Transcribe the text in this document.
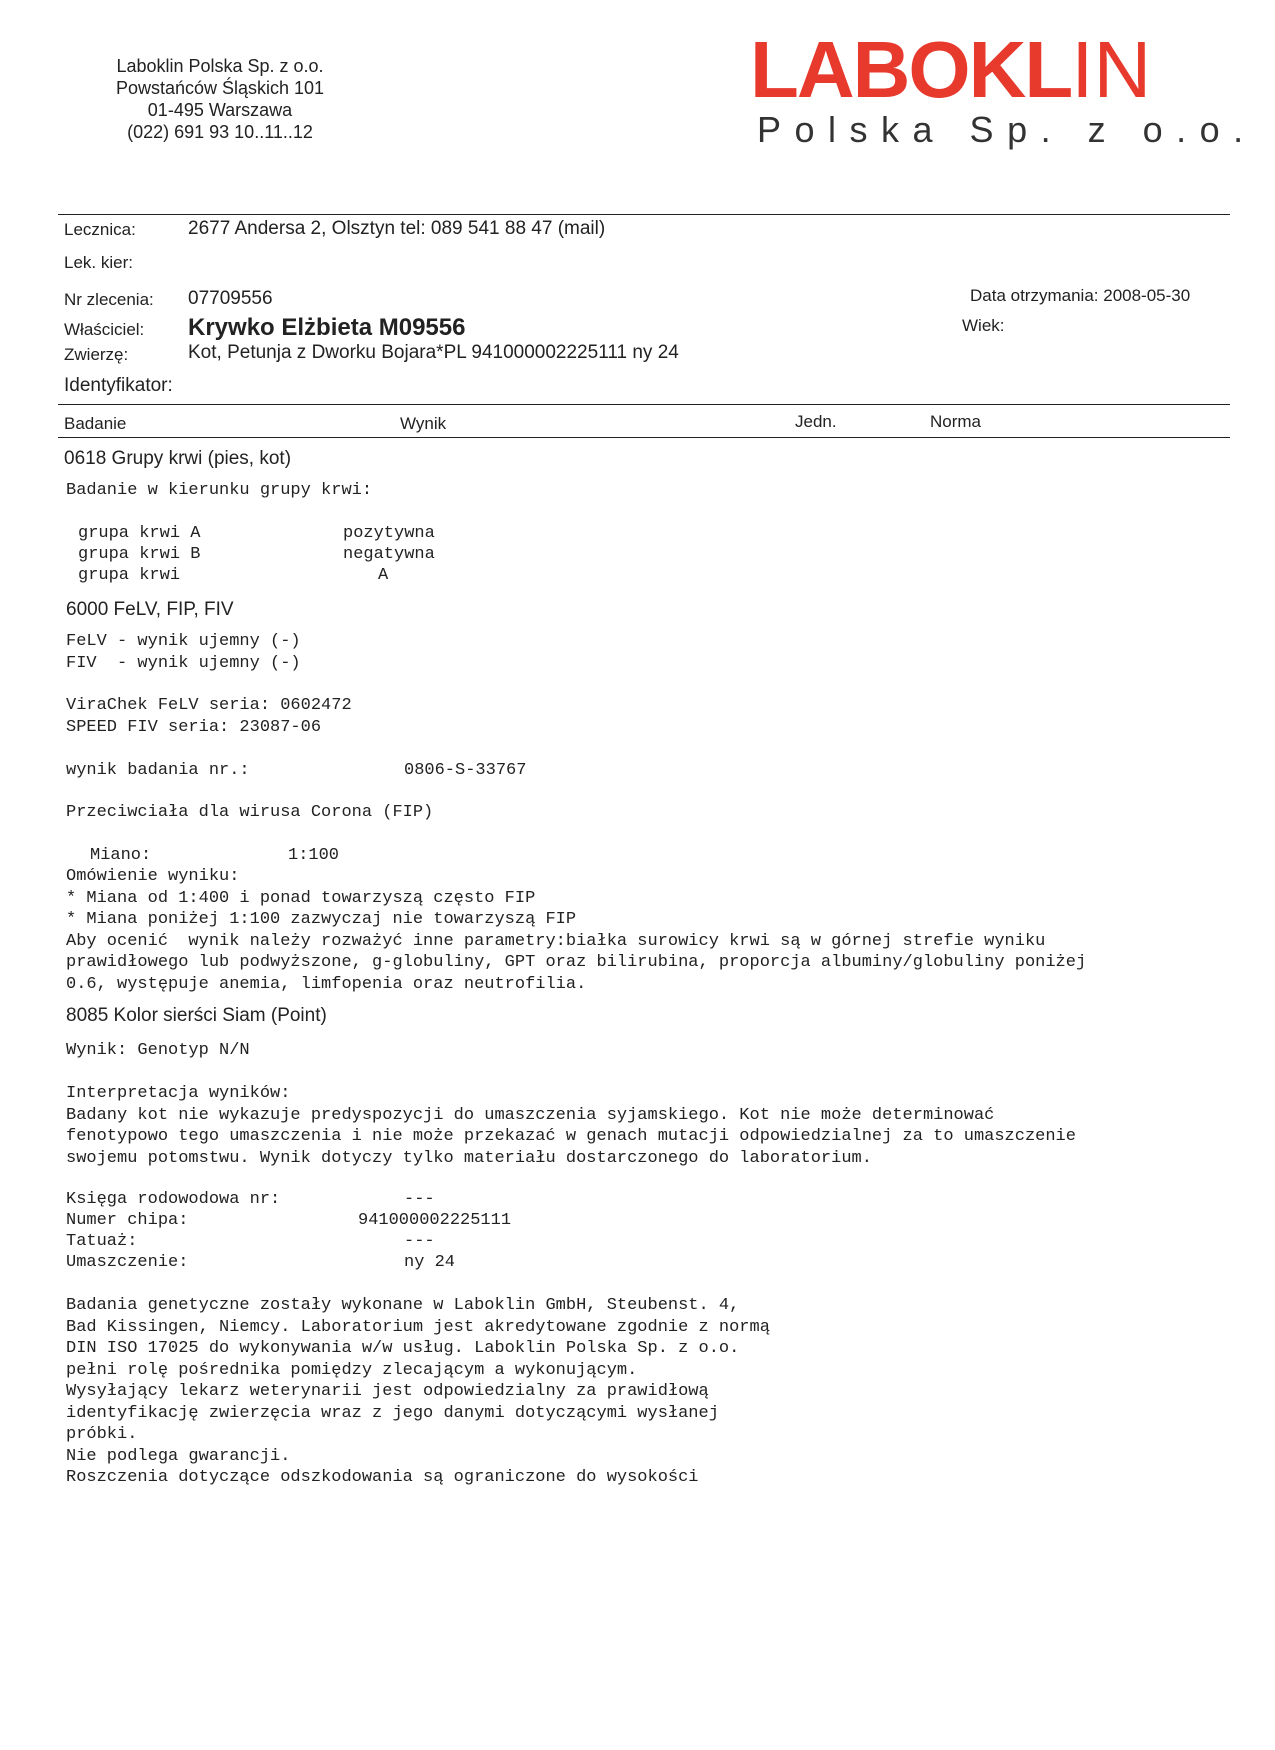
Laboklin Polska Sp. z o.o.
Powstańców Śląskich 101
01-495 Warszawa
(022) 691 93 10..11..12
LABOKLIN
Polska Sp. z o.o.
Lecznica:	2677 Andersa 2, Olsztyn tel: 089 541 88 47 (mail)
Lek. kier:
Nr zlecenia: 07709556	Data otrzymania: 2008-05-30
Właściciel: Krywko Elżbieta M09556	Wiek:
Zwierzę:	Kot, Petunja z Dworku Bojara*PL 941000002225111 ny 24
Identyfikator:
Badanie	Wynik	Jedn.	Norma
0618 Grupy krwi (pies, kot)
Badanie w kierunku grupy krwi:
grupa krwi A	pozytywna
grupa krwi B	negatywna
grupa krwi	A
6000 FeLV, FIP, FIV
FeLV - wynik ujemny (-)
FIV  - wynik ujemny (-)
ViraChek FeLV seria: 0602472
SPEED FIV seria: 23087-06
wynik badania nr.:	0806-S-33767
Przeciwciała dla wirusa Corona (FIP)
Miano:	1:100
Omówienie wyniku:
* Miana od 1:400 i ponad towarzyszą często FIP
* Miana poniżej 1:100 zazwyczaj nie towarzyszą FIP
Aby ocenić  wynik należy rozważyć inne parametry:białka surowicy krwi są w górnej strefie wyniku
prawidłowego lub podwyższone, g-globuliny, GPT oraz bilirubina, proporcja albuminy/globuliny poniżej
0.6, występuje anemia, limfopenia oraz neutrofilia.
8085 Kolor sierści Siam (Point)
Wynik: Genotyp N/N
Interpretacja wyników:
Badany kot nie wykazuje predyspozycji do umaszczenia syjamskiego. Kot nie może determinować
fenotypowo tego umaszczenia i nie może przekazać w genach mutacji odpowiedzialnej za to umaszczenie
swojemu potomstwu. Wynik dotyczy tylko materiału dostarczonego do laboratorium.
Księga rodowodowa nr:	---
Numer chipa:	941000002225111
Tatuaż:	---
Umaszczenie:	ny 24
Badania genetyczne zostały wykonane w Laboklin GmbH, Steubenst. 4,
Bad Kissingen, Niemcy. Laboratorium jest akredytowane zgodnie z normą
DIN ISO 17025 do wykonywania w/w usług. Laboklin Polska Sp. z o.o.
pełni rolę pośrednika pomiędzy zlecającym a wykonującym.
Wysyłający lekarz weterynarii jest odpowiedzialny za prawidłową
identyfikację zwierzęcia wraz z jego danymi dotyczącymi wysłanej
próbki.
Nie podlega gwarancji.
Roszczenia dotyczące odszkodowania są ograniczone do wysokości
